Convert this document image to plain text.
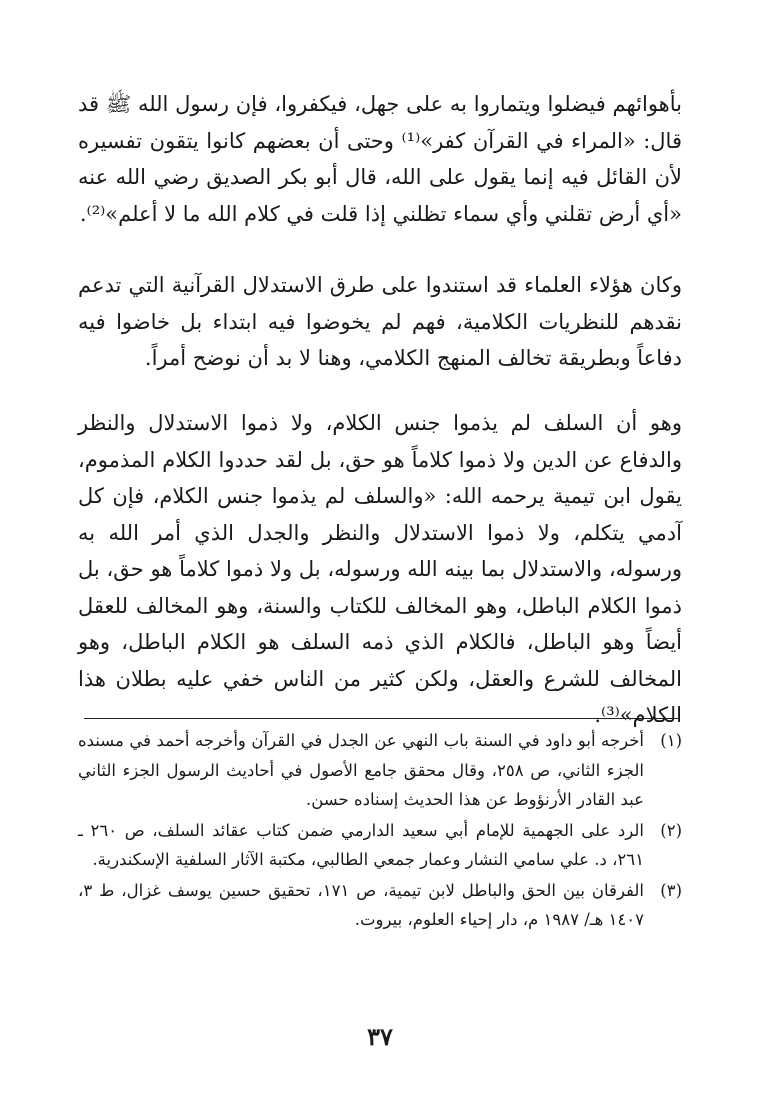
بأهوائهم فيضلوا ويتماروا به على جهل، فيكفروا، فإن رسول الله ﷺ قد قال: «المراء في القرآن كفر»⁽¹⁾ وحتى أن بعضهم كانوا يتقون تفسيره لأن القائل فيه إنما يقول على الله، قال أبو بكر الصديق رضي الله عنه «أي أرض تقلني وأي سماء تظلني إذا قلت في كلام الله ما لا أعلم»⁽²⁾.

وكان هؤلاء العلماء قد استندوا على طرق الاستدلال القرآنية التي تدعم نقدهم للنظريات الكلامية، فهم لم يخوضوا فيه ابتداء بل خاضوا فيه دفاعاً وبطريقة تخالف المنهج الكلامي، وهنا لا بد أن نوضح أمراً.

وهو أن السلف لم يذموا جنس الكلام، ولا ذموا الاستدلال والنظر والدفاع عن الدين ولا ذموا كلاماً هو حق، بل لقد حددوا الكلام المذموم، يقول ابن تيمية يرحمه الله: «والسلف لم يذموا جنس الكلام، فإن كل آدمي يتكلم، ولا ذموا الاستدلال والنظر والجدل الذي أمر الله به ورسوله، والاستدلال بما بينه الله ورسوله، بل ولا ذموا كلاماً هو حق، بل ذموا الكلام الباطل، وهو المخالف للكتاب والسنة، وهو المخالف للعقل أيضاً وهو الباطل، فالكلام الذي ذمه السلف هو الكلام الباطل، وهو المخالف للشرع والعقل، ولكن كثير من الناس خفي عليه بطلان هذا الكلام»⁽³⁾.

(١)
أخرجه أبو داود في السنة باب النهي عن الجدل في القرآن وأخرجه أحمد في مسنده الجزء الثاني، ص ٢٥٨، وقال محقق جامع الأصول في أحاديث الرسول الجزء الثاني عبد القادر الأرنؤوط عن هذا الحديث إسناده حسن.
(٢)
الرد على الجهمية للإمام أبي سعيد الدارمي ضمن كتاب عقائد السلف، ص ٢٦٠ ـ ٢٦١، د. علي سامي النشار وعمار جمعي الطالبي، مكتبة الآثار السلفية الإسكندرية.
(٣)
الفرقان بين الحق والباطل لابن تيمية، ص ١٧١، تحقيق حسين يوسف غزال، ط ٣، ١٤٠٧ هـ/ ١٩٨٧ م، دار إحياء العلوم، بيروت.
٣٧
